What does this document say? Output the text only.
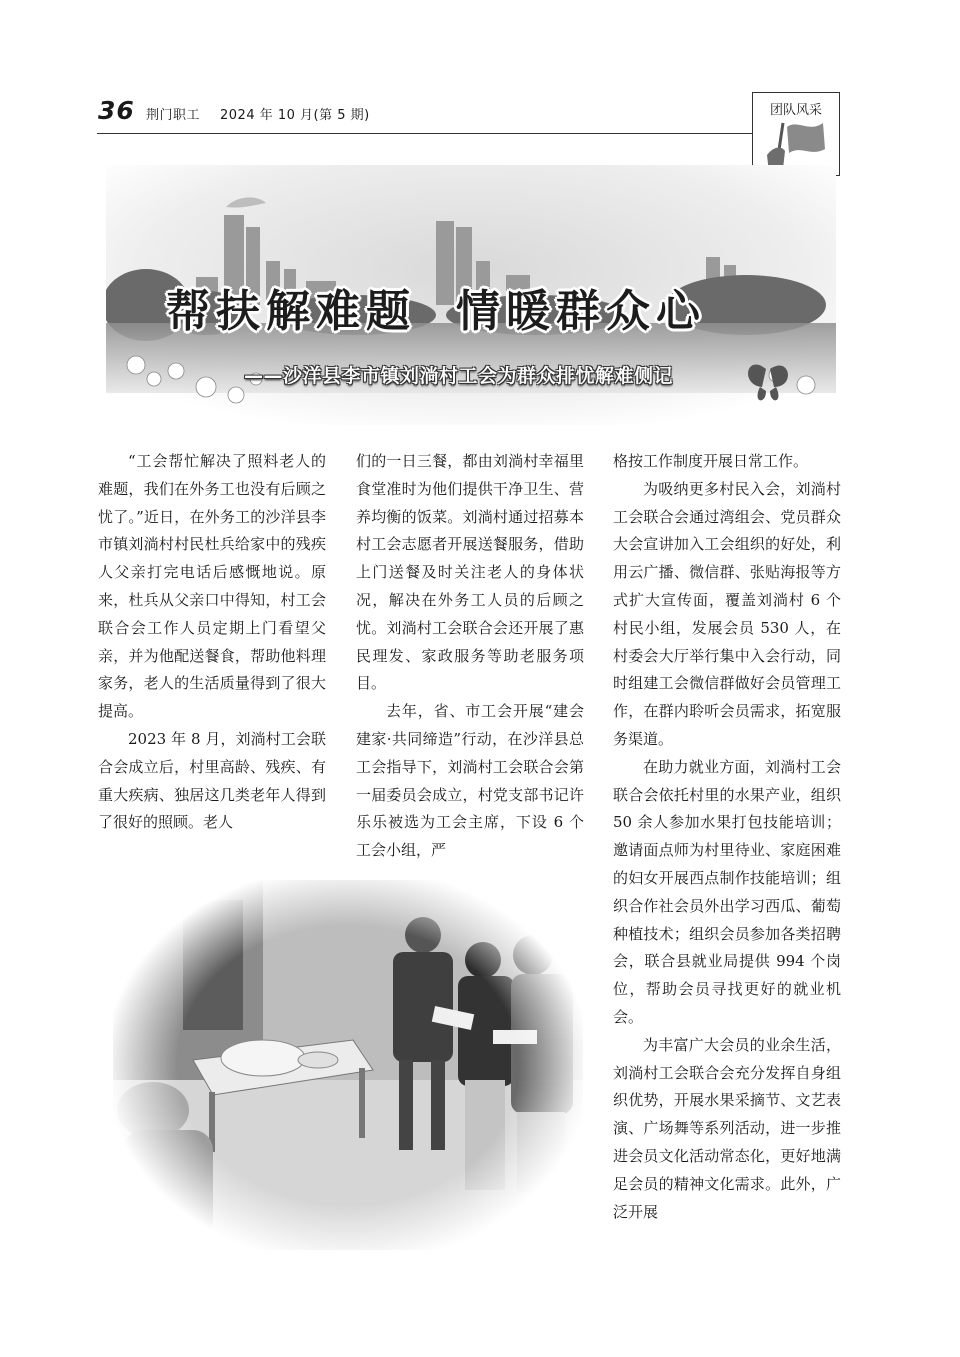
36 荆门职工 2024 年 10 月(第 5 期)	团队风采
帮扶解难题 情暖群众心
——沙洋县李市镇刘淌村工会为群众排忧解难侧记

“工会帮忙解决了照料老人的难题，我们在外务工也没有后顾之忧了。”近日，在外务工的沙洋县李市镇刘淌村村民杜兵给家中的残疾人父亲打完电话后感慨地说。原来，杜兵从父亲口中得知，村工会联合会工作人员定期上门看望父亲，并为他配送餐食，帮助他料理家务，老人的生活质量得到了很大提高。

2023 年 8 月，刘淌村工会联合会成立后，村里高龄、残疾、有重大疾病、独居这几类老年人得到了很好的照顾。老人

们的一日三餐，都由刘淌村幸福里食堂准时为他们提供干净卫生、营养均衡的饭菜。刘淌村通过招募本村工会志愿者开展送餐服务，借助上门送餐及时关注老人的身体状况，解决在外务工人员的后顾之忧。刘淌村工会联合会还开展了惠民理发、家政服务等助老服务项目。

去年，省、市工会开展“建会建家·共同缔造”行动，在沙洋县总工会指导下，刘淌村工会联合会第一届委员会成立，村党支部书记许乐乐被选为工会主席，下设 6 个工会小组，严

格按工作制度开展日常工作。

为吸纳更多村民入会，刘淌村工会联合会通过湾组会、党员群众大会宣讲加入工会组织的好处，利用云广播、微信群、张贴海报等方式扩大宣传面，覆盖刘淌村 6 个村民小组，发展会员 530 人，在村委会大厅举行集中入会行动，同时组建工会微信群做好会员管理工作，在群内聆听会员需求，拓宽服务渠道。

在助力就业方面，刘淌村工会联合会依托村里的水果产业，组织 50 余人参加水果打包技能培训；邀请面点师为村里待业、家庭困难的妇女开展西点制作技能培训；组织合作社会员外出学习西瓜、葡萄种植技术；组织会员参加各类招聘会，联合县就业局提供 994 个岗位，帮助会员寻找更好的就业机会。

为丰富广大会员的业余生活，刘淌村工会联合会充分发挥自身组织优势，开展水果采摘节、文艺表演、广场舞等系列活动，进一步推进会员文化活动常态化，更好地满足会员的精神文化需求。此外，广泛开展
